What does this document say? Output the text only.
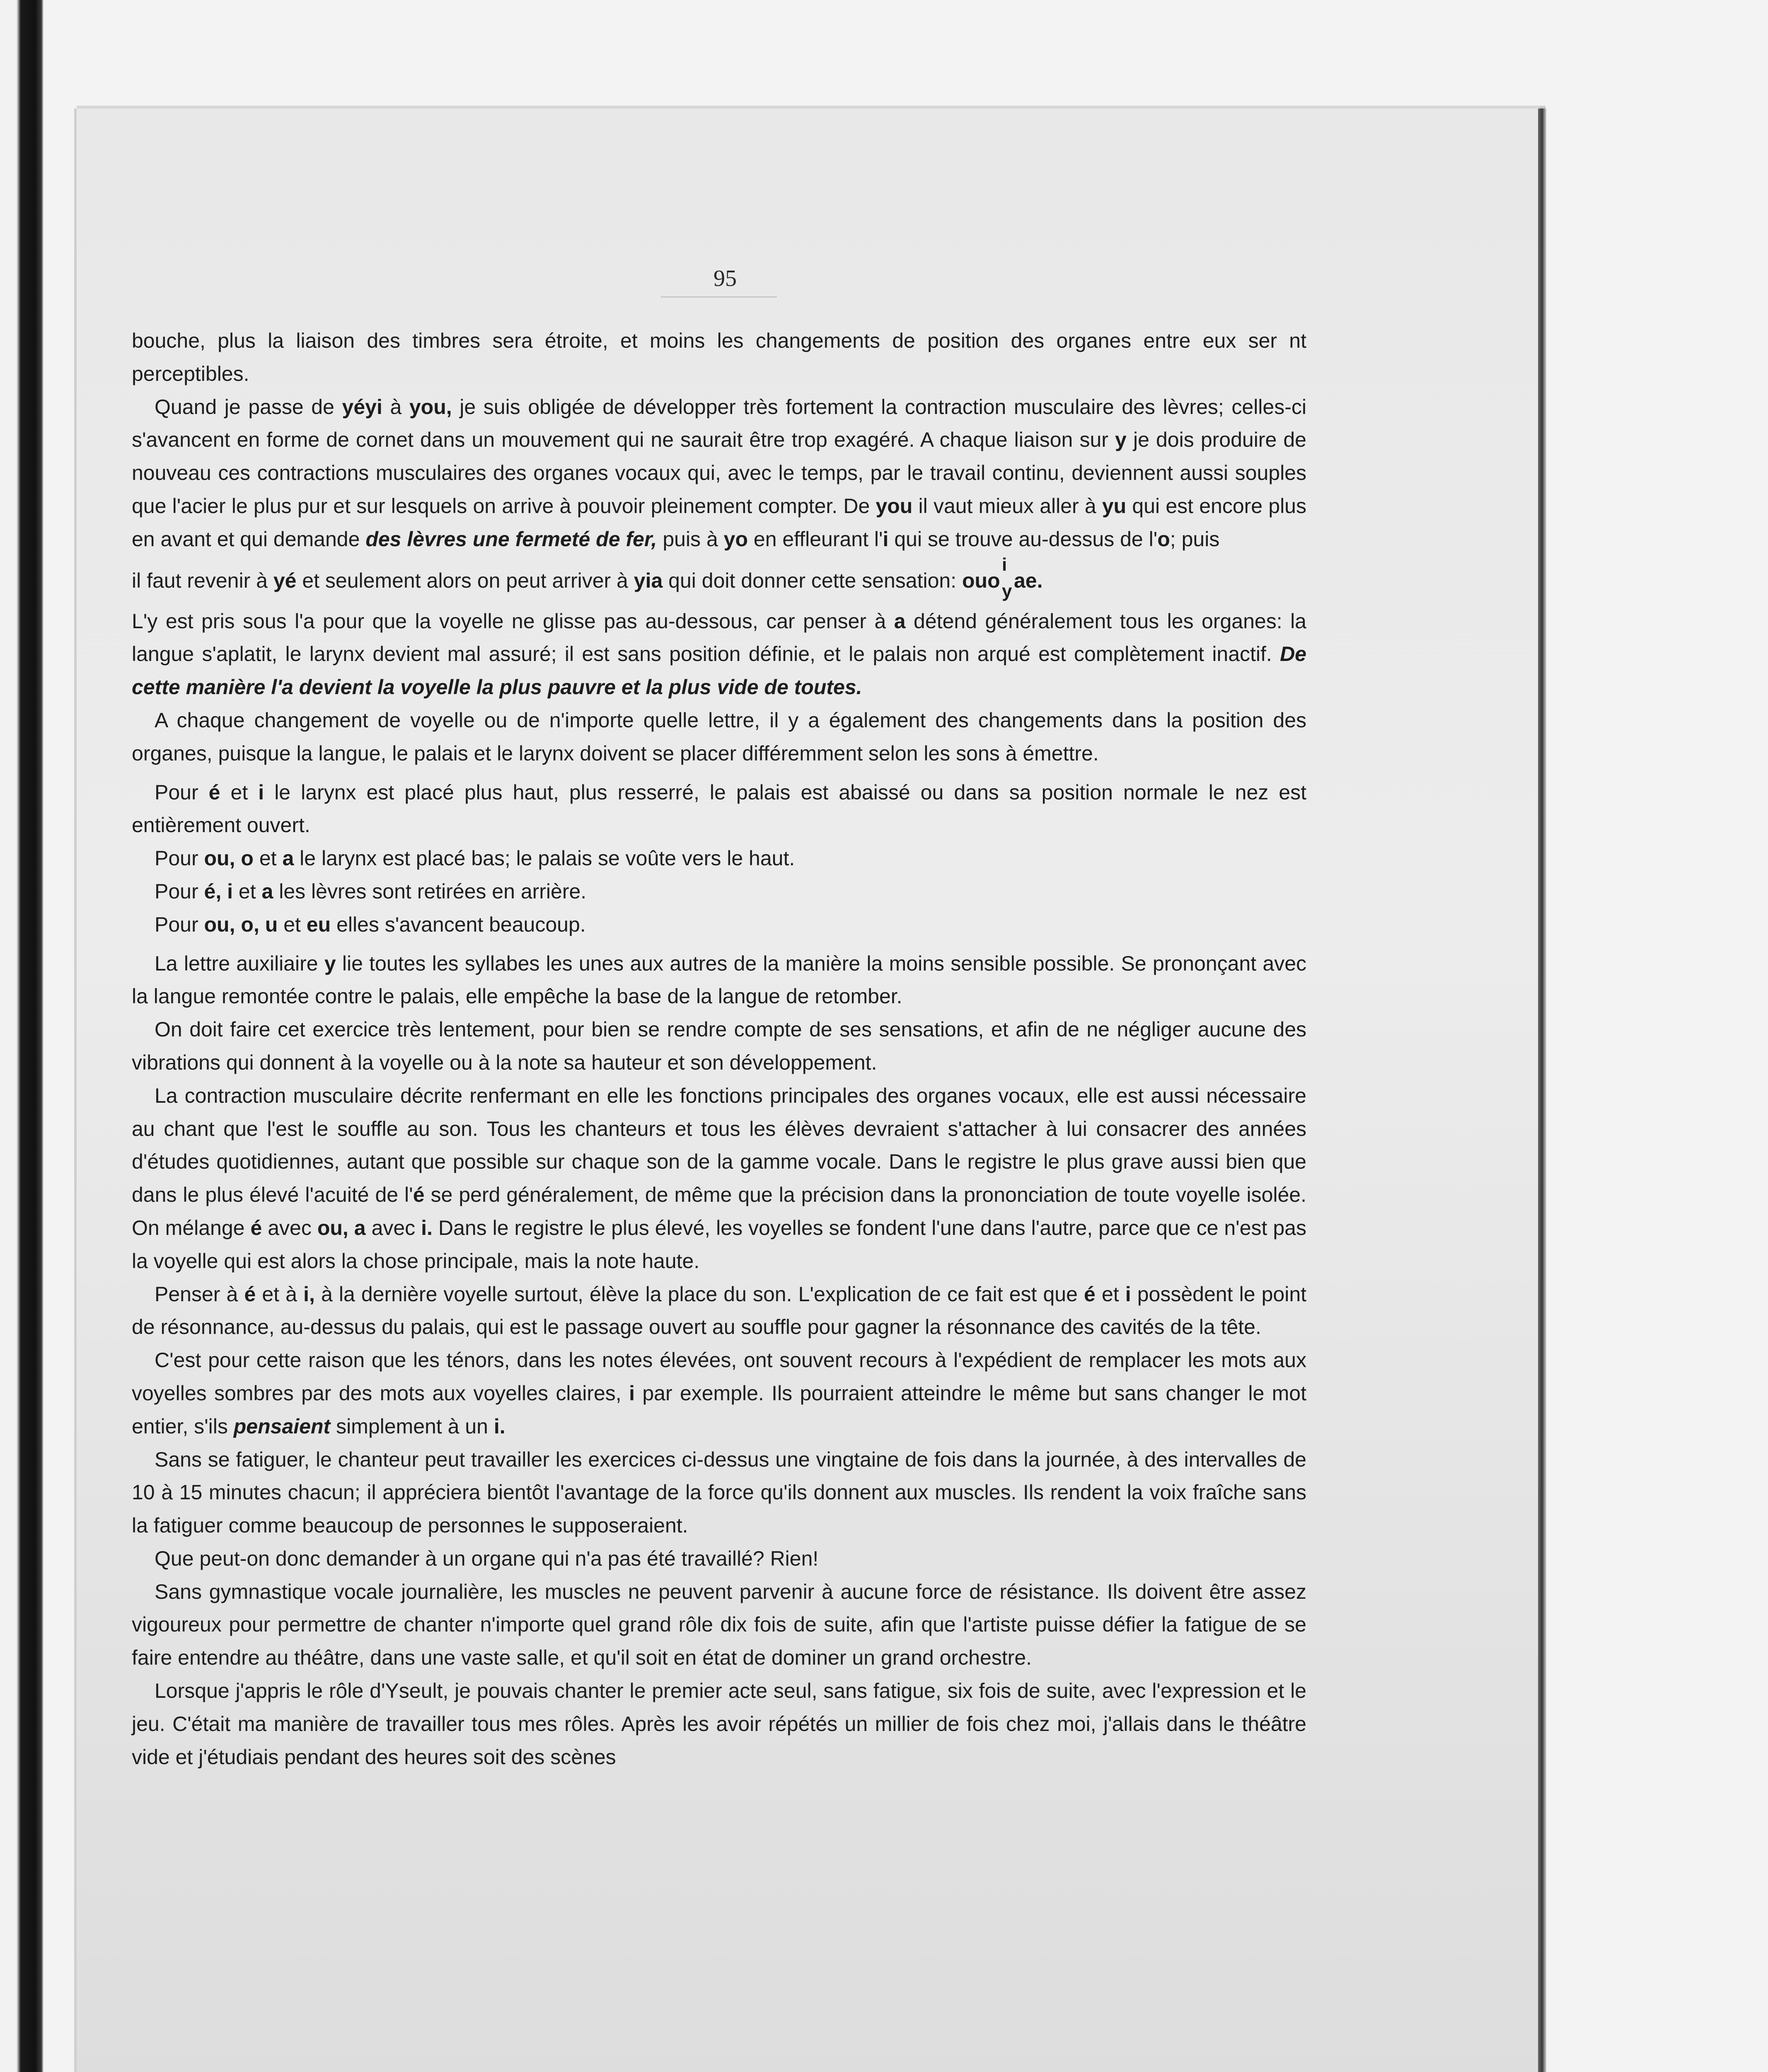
95

bouche, plus la liaison des timbres sera étroite, et moins les changements de position des organes entre eux ser nt perceptibles.

Quand je passe de yéyi à you, je suis obligée de développer très fortement la contraction musculaire des lèvres; celles-ci s'avancent en forme de cornet dans un mouvement qui ne saurait être trop exagéré. A chaque liaison sur y je dois produire de nouveau ces contractions musculaires des organes vocaux qui, avec le temps, par le travail continu, deviennent aussi souples que l'acier le plus pur et sur lesquels on arrive à pouvoir pleinement compter. De you il vaut mieux aller à yu qui est encore plus en avant et qui demande des lèvres une fermeté de fer, puis à yo en effleurant l'i qui se trouve au-dessus de l'o; puis

il faut revenir à yé et seulement alors on peut arriver à yia qui doit donner cette sensation: ouo
i
y ae.

L'y est pris sous l'a pour que la voyelle ne glisse pas au-dessous, car penser à a détend généralement tous les organes: la langue s'aplatit, le larynx devient mal assuré; il est sans position définie, et le palais non arqué est complètement inactif. De cette manière l'a devient la voyelle la plus pauvre et la plus vide de toutes.

A chaque changement de voyelle ou de n'importe quelle lettre, il y a également des changements dans la position des organes, puisque la langue, le palais et le larynx doivent se placer différemment selon les sons à émettre.

Pour é et i le larynx est placé plus haut, plus resserré, le palais est abaissé ou dans sa position normale le nez est entièrement ouvert.

Pour ou, o et a le larynx est placé bas; le palais se voûte vers le haut.

Pour é, i et a les lèvres sont retirées en arrière.

Pour ou, o, u et eu elles s'avancent beaucoup.

La lettre auxiliaire y lie toutes les syllabes les unes aux autres de la manière la moins sensible possible. Se prononçant avec la langue remontée contre le palais, elle empêche la base de la langue de retomber.

On doit faire cet exercice très lentement, pour bien se rendre compte de ses sensations, et afin de ne négliger aucune des vibrations qui donnent à la voyelle ou à la note sa hauteur et son développement.

La contraction musculaire décrite renfermant en elle les fonctions principales des organes vocaux, elle est aussi nécessaire au chant que l'est le souffle au son. Tous les chanteurs et tous les élèves devraient s'attacher à lui consacrer des années d'études quotidiennes, autant que possible sur chaque son de la gamme vocale. Dans le registre le plus grave aussi bien que dans le plus élevé l'acuité de l'é se perd généralement, de même que la précision dans la prononciation de toute voyelle isolée. On mélange é avec ou, a avec i. Dans le registre le plus élevé, les voyelles se fondent l'une dans l'autre, parce que ce n'est pas la voyelle qui est alors la chose principale, mais la note haute.

Penser à é et à i, à la dernière voyelle surtout, élève la place du son. L'explication de ce fait est que é et i possèdent le point de résonnance, au-dessus du palais, qui est le passage ouvert au souffle pour gagner la résonnance des cavités de la tête.

C'est pour cette raison que les ténors, dans les notes élevées, ont souvent recours à l'expédient de remplacer les mots aux voyelles sombres par des mots aux voyelles claires, i par exemple. Ils pourraient atteindre le même but sans changer le mot entier, s'ils pensaient simplement à un i.

Sans se fatiguer, le chanteur peut travailler les exercices ci-dessus une vingtaine de fois dans la journée, à des intervalles de 10 à 15 minutes chacun; il appréciera bientôt l'avantage de la force qu'ils donnent aux muscles. Ils rendent la voix fraîche sans la fatiguer comme beaucoup de personnes le supposeraient.

Que peut-on donc demander à un organe qui n'a pas été travaillé? Rien!

Sans gymnastique vocale journalière, les muscles ne peuvent parvenir à aucune force de résistance. Ils doivent être assez vigoureux pour permettre de chanter n'importe quel grand rôle dix fois de suite, afin que l'artiste puisse défier la fatigue de se faire entendre au théâtre, dans une vaste salle, et qu'il soit en état de dominer un grand orchestre.

Lorsque j'appris le rôle d'Yseult, je pouvais chanter le premier acte seul, sans fatigue, six fois de suite, avec l'expression et le jeu. C'était ma manière de travailler tous mes rôles. Après les avoir répétés un millier de fois chez moi, j'allais dans le théâtre vide et j'étudiais pendant des heures soit des scènes
